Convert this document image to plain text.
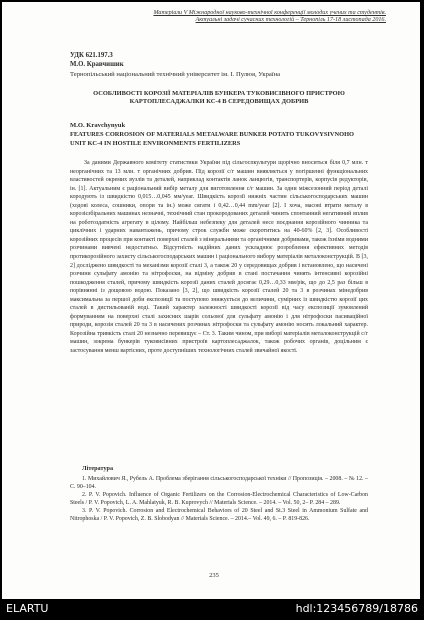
Матеріали V Міжнародної науково-технічної конференції молодих учених та студентів.
Актуальні задачі сучасних технологій – Тернопіль 17-18 листопада 2016.
УДК 621.197.3
М.О. Кравчишик
Тернопільський національний технічний університет ім. І. Пулюя, Україна
ОСОБЛИВОСТІ КОРОЗІЇ МАТЕРІАЛІВ БУНКЕРА ТУКОВИСІВНОГО ПРИСТРОЮ КАРТОПЛЕСАДЖАЛКИ КС-4 В СЕРЕДОВИЩАХ ДОБРИВ
M.O. Kravchynyuk
FEATURES CORROSION OF MATERIALS METALWARE BUNKER POTATO TUKOVYSIVNOHO UNIT KC-4 IN HOSTILE ENVIRONMENTS FERTILIZERS

За даними Державного комітету статистики України під сільгоспкультури щорічно вноситься біля 0,7 млн. т неорганічних та 13 млн. т органічних добрив. Під корозії с/г машин виявляється у погіршенні функціональних властивостей окремих вузлів та деталей, наприклад контактів ланок ланцюгів, транспортерів, корпусів редукторів, ін. [1]. Актуальним є раціональний вибір металу для виготовлення с/г машин. За одни міжсезонний період деталі кородують із швидкістю 0,015…0,045 мм/year. Швидкість корозії нижніх частин сільськогосподарських машин (ходові колеса, сошники, опори та ін.) може сягати і 0,42…0,44 mm/year [2]. І хоча, масові втрати металу в корозієзбіральних машинах незначні, технічний стан прокородованих деталей чинить спонтанний негативний вплив на роботоздатність агрегату в цілому. Найбільш небезпеку для деталей несе поєднання корозійного чинника та циклічних і ударних навантажень, причому строк служби може скоротитись на 40-60% [2, 3]. Особливості корозійних процесів при контакті поверхні сталей з мінеральними та органічними добривами, також їхніми водними розчинами вивчені недостатньо. Відсутність надійних даних ускладнює розроблення ефективних методів протикорозійного захисту сільськогосподарських машин і раціонального вибору матеріалів металоконструкцій. В [3, 2] досліджено швидкості та механізми корозії сталі 3, а також 20 у середовищах добрив і встановлено, що насичені розчини сульфату амонію та нітрофоски, на відміну добрив в стані постачання чинять інтенсивні корозійні пошкодження сталей, причому швидкість корозії даних сталей досягає 0,29…0,33 мм/рік, що до 2,5 раз більш в порівнянні із дощовою водою. Показано [3, 2], що швидкість корозії сталей 20 та 3 в розчинах мінедобрив максимальна за першої доби експозиції та поступово знижується до величини, сумірних із швидкістю корозії цих сталей в дистильованій воді. Такий характер залежності швидкості корозії від часу експозиції зумовлений формуванням на поверхні сталі захисних шарів сольової для сульфату амонію і для нітрофоски пасиваційної природи, корозія сталей 20 та 3 в насичених розчинах нітрофоски та сульфату амонію носить локальний характер. Корозійна тривкість сталі 20 незначно перевищує – Ст. 3. Таким чином, при виборі матеріалів металоконструкцій с/г машин, зокрема бункерів туковисівних пристроїв картоплесаджалок, також робочих органів, доцільним є застосування менш вартісних, проте доступніших технологічних сталей звичайної якості.

Література
1. Михайлович Я., Рубель А. Проблема зберігання сільськогосподарської техніки // Пропозиція. – 2008. – № 12. – С. 90–104.
2. P. V. Popovich. Influence of Organic Fertilizers on the Corrosion-Electrochemical Characteristics of Low-Carbon Steels / P. V. Popovich, L. A. Mahlatyuk, R. B. Kuprovych // Materials Science. – 2014. – Vol. 50, 2– P. 284 – 289.
3. P. V. Popovich. Corrosion and Electrochemical Behaviors of 20 Steel and St.3 Steel in Ammonium Sulfate and Nitrophoska / P. V. Popovich, Z. B. Slobodyan // Materials Science. – 2014.– Vol. 49, 6. – P. 819-826.
235
ELARTU	hdl:123456789/18786
